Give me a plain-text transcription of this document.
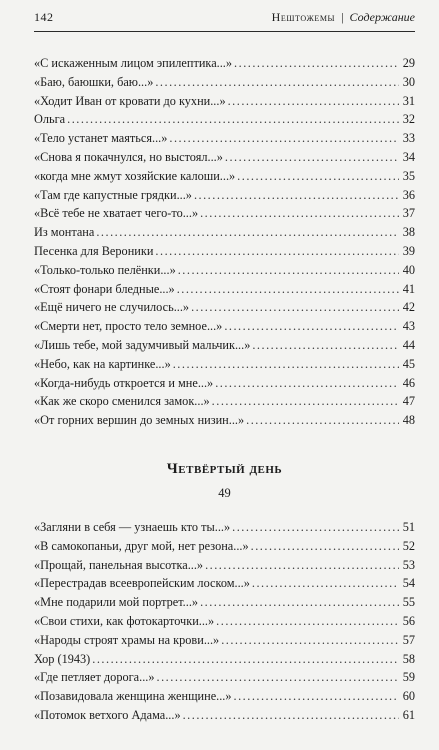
142	Нештожемы | Содержание
«С искаженным лицом эпилептика...» .....	29
«Баю, баюшки, баю...» .....	30
«Ходит Иван от кровати до кухни...» .....	31
Ольга .....	32
«Тело устанет маяться...» .....	33
«Снова я покачнулся, но выстоял...» .....	34
«когда мне жмут хозяйские калоши...» .....	35
«Там где капустные грядки...» .....	36
«Всё тебе не хватает чего-то...» .....	37
Из монтана .....	38
Песенка для Вероники .....	39
«Только-только пелёнки...» .....	40
«Стоят фонари бледные...» .....	41
«Ещё ничего не случилось...» .....	42
«Смерти нет, просто тело земное...» .....	43
«Лишь тебе, мой задумчивый мальчик...» .....	44
«Небо, как на картинке...» .....	45
«Когда-нибудь откроется и мне...» .....	46
«Как же скоро сменился замок...» .....	47
«От горних вершин до земных низин...» .....	48
Четвёртый день
49
«Загляни в себя — узнаешь кто ты...» .....	51
«В самокопаньи, друг мой, нет резона...» .....	52
«Прощай, панельная высотка...» .....	53
«Перестрадав всеевропейским лоском...» .....	54
«Мне подарили мой портрет...» .....	55
«Свои стихи, как фотокарточки...» .....	56
«Народы строят храмы на крови...» .....	57
Хор (1943) .....	58
«Где петляет дорога...» .....	59
«Позавидовала женщина женщине...» .....	60
«Потомок ветхого Адама...» .....	61
